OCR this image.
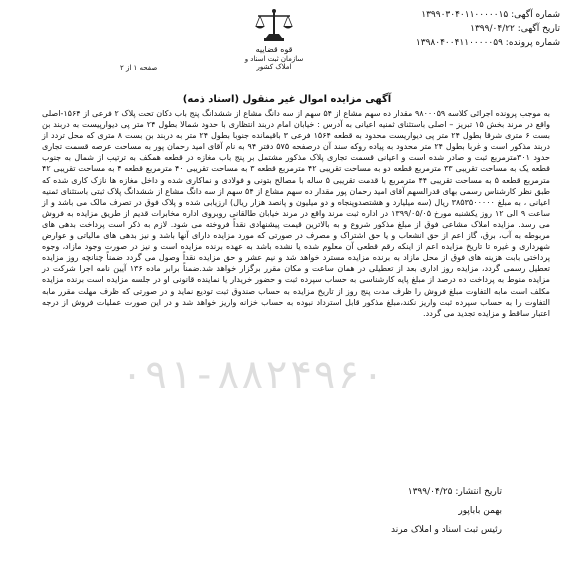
شماره آگهی: ۱۳۹۹۰۳۰۴۰۱۱۰۰۰۰۰۱۵
تاریخ آگهی: ۱۳۹۹/۰۴/۲۲
شماره پرونده: ۱۳۹۸۰۴۰۰۴۱۱۰۰۰۰۰۵۹
قوه قضاییه
سازمان ثبت اسناد و املاک کشور
صفحه ۱ از ۲
آگهی مزایده اموال غیر منقول (اسناد ذمه)
به موجب پرونده اجرائی کلاسه ۹۸۰۰۰۵۹ مقدار ده سهم مشاع از ۵۴ سهم از سه دانگ مشاع از ششدانگ پنج باب دکان تحت پلاک ۲ فرعی از ۱۵۶۴-اصلی واقع در مرند بخش ۱۵ تبریز – اصلی باستثنای ثمنیه اعیانی به آدرس : خیابان امام دربند انتظاری با حدود شمالا بطول ۲۴ متر پی دیوارپیست به دربند بن بست ۶ متری شرقا بطول ۲۴ متر پی دیواریست محدود به قطعه ۱۵۶۴ فرعی ۳ باقیمانده جنوبا بطول ۲۴ متر به دربند بن بست ۸ متری که محل تردد از دربند مذکور است و غربا بطول ۲۴ متر محدود به پیاده روکه سند آن درصفحه ۵۷۵ دفتر ۹۴ به نام آقای امید رحمان پور به مساحت عرصه قسمت تجاری حدود ۳۰۱مترمربع ثبت و صادر شده است و اعیانی قسمت تجاری پلاک مذکور مشتمل بر پنج باب مغازه در قطعه همکف به ترتیب از شمال به جنوب قطعه یک به مساحت تقریبی ۳۳ مترمربع قطعه دو به مساحت تقریبی ۴۲ مترمربع قطعه ۳ به مساحت تقریبی ۴۰ مترمربع قطعه ۴ به مساحت تقریبی ۴۲ مترمربع قطعه ۵ به مساحت تقریبی ۴۴ مترمربع با قدمت تقریبی ۵ ساله با مصالح بتونی و فولادی و نماکاری شده و داخل مغازه ها نازک کاری شده که طبق نظر کارشناس رسمی بهای قدرالسهم آقای امید رحمان پور مقدار ده سهم مشاع از ۵۴ سهم از سه دانگ مشاع از ششدانگ پلاک ثبتی باستثنای ثمنیه اعیانی ، به مبلغ ۳۸۵۳۵۰۰۰۰۰ ریال (سه میلیارد و هشتصدوپنجاه و دو میلیون و پانصد هزار ریال) ارزیابی شده و پلاک فوق در تصرف مالک می باشد و از ساعت ۹ الی ۱۲ روز یکشنبه مورخ ۱۳۹۹/۰۵/۰۵ در اداره ثبت مرند واقع در مرند خیابان طالقانی روبروی اداره مخابرات قدیم از طریق مزایده به فروش می رسد. مزایده املاک مشاعی فوق از مبلغ مذکور شروع و به بالاترین قیمت پیشنهادی نقداً فروخته می شود. لازم به ذکر است پرداخت بدهی های مربوطه به آب، برق، گاز اعم از حق انشعاب و یا حق اشتراک و مصرف در صورتی که مورد مزایده دارای آنها باشد و نیز بدهی های مالیاتی و عوارض شهرداری و غیره تا تاریخ مزایده اعم از اینکه رقم قطعی آن معلوم شده یا نشده باشد به عهده برنده مزایده است و نیز در صورت وجود مازاد، وجوه پرداختی بابت هزینه های فوق از محل مازاد به برنده مزایده مسترد خواهد شد و نیم عشر و حق مزایده نقداً وصول می گردد ضمناً چنانچه روز مزایده تعطیل رسمی گردد، مزایده روز اداری بعد از تعطیلی در همان ساعت و مکان مقرر برگزار خواهد شد.ضمناً برابر ماده ۱۳۶ آیین نامه اجرا شرکت در مزایده منوط به پرداخت ده درصد از مبلغ پایه کارشناسی به حساب سپرده ثبت و حضور خریدار یا نماینده قانونی او در جلسه مزایده است برنده مزایده مکلف است مابه التفاوت مبلغ فروش را ظرف مدت پنج روز از تاریخ مزایده به حساب صندوق ثبت تودیع نماید و در صورتی که ظرف مهلت مقرر مابه التفاوت را به حساب سپرده ثبت واریز نکند،مبلغ مذکور قابل استرداد نبوده به حساب خزانه واریز خواهد شد و در این صورت عملیات فروش از درجه اعتبار ساقط و مزایده تجدید می گردد.
۰۹۱-۸۸۲۴۹۶۰
تاریخ انتشار: ۱۳۹۹/۰۴/۲۵
بهمن باباپور
رئیس ثبت اسناد و املاک مرند
